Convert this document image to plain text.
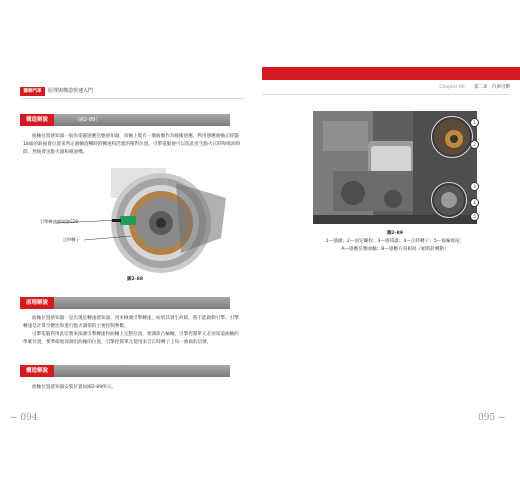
圖解汽車	原理與構造快速入門
構造解說	（圖2-89）

曲軸位置感知器一般為電磁感應信號感知器，同軸上裝有一個齒圈作為脈衝感應，利用感應曲軸正時盤18齒的缺齒會位置來判定曲軸旋轉時的轉速和活塞的相對位置，引擎電腦便可以依此產生點火正時和噴油時間，然後發送點火器和噴油嘴。

引擎轉速感知器G28
正時轉子
圖2-88
原理解說

曲軸位置感知器一是出現是轉速感知器，用來檢測引擎轉速，如果其發生故障，將不能啟動引擎。引擎轉速是計算空燃比和進行點火調節的主要控制參數。

引擎電腦利用此信號來探測引擎轉速和曲軸上完整位置，要調節凸輪軸，引擎控制單元必須知道曲軸的準確位置，要準確地探測出曲軸的位置，引擎控制單元使用來自正時轉子上每一曲齒的信號。

構造解說

曲軸位置感知器安裝位置如圖2-89所示。

~ 094
Chapter 06 第二章　汽車引擎
1
2
3
4
5
圖2-89
1—插頭；2—固定螺栓；3—感知器；4—正時轉子；5—齒輪底座；
A—感應信號曲軸；B—感應方向相同（順時針轉動）
095 ~
